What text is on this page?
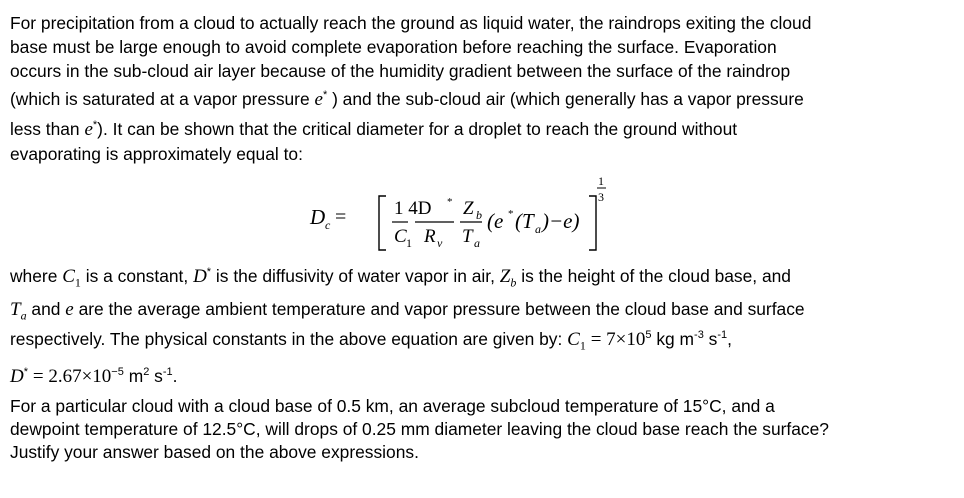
For precipitation from a cloud to actually reach the ground as liquid water, the raindrops exiting the cloud
base must be large enough to avoid complete evaporation before reaching the surface. Evaporation
occurs in the sub-cloud air layer because of the humidity gradient between the surface of the raindrop
(which is saturated at a vapor pressure e* ) and the sub-cloud air (which generally has a vapor pressure
less than e*). It can be shown that the critical diameter for a droplet to reach the ground without
evaporating is approximately equal to:
D c =	1 4D * Z b
C 1 R v T a
(e * (T a )−e)
1
3
where $C_1$ is a constant, D* is the diffusivity of water vapor in air, $Z_b$ is the height of the cloud base, and
$T_a$ and e are the average ambient temperature and vapor pressure between the cloud base and surface
respectively. The physical constants in the above equation are given by: $C_1 = 7\times 10^5$ kg $m^{-3}$ $s^{-1}$,
$D^* = 2.67\times 10^{-5}$ $m^2$ $s^{-1}$.
For a particular cloud with a cloud base of 0.5 km, an average subcloud temperature of 15°C, and a
dewpoint temperature of 12.5°C, will drops of 0.25 mm diameter leaving the cloud base reach the surface?
Justify your answer based on the above expressions.
